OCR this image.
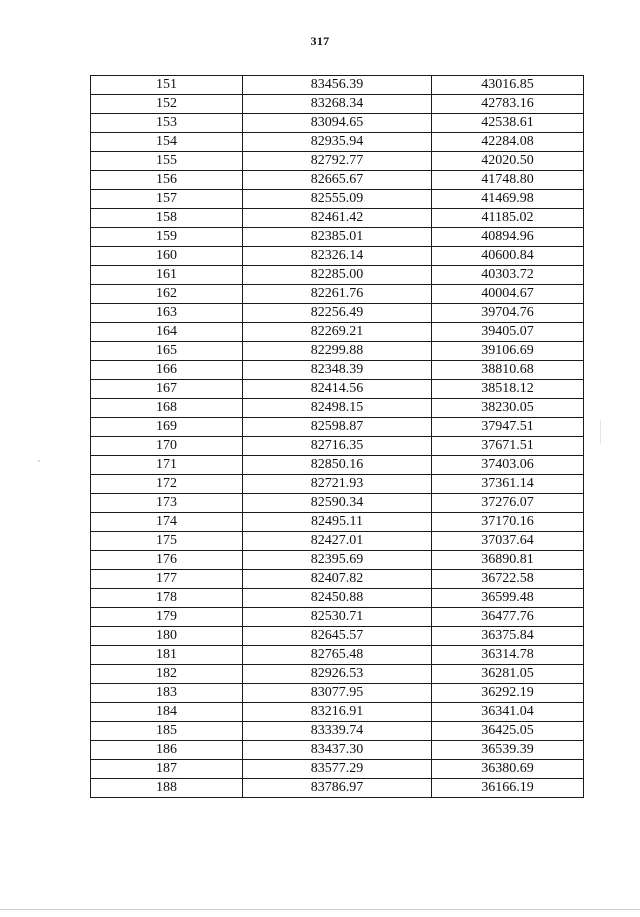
317
151	83456.39	43016.85
152	83268.34	42783.16
153	83094.65	42538.61
154	82935.94	42284.08
155	82792.77	42020.50
156	82665.67	41748.80
157	82555.09	41469.98
158	82461.42	41185.02
159	82385.01	40894.96
160	82326.14	40600.84
161	82285.00	40303.72
162	82261.76	40004.67
163	82256.49	39704.76
164	82269.21	39405.07
165	82299.88	39106.69
166	82348.39	38810.68
167	82414.56	38518.12
168	82498.15	38230.05
169	82598.87	37947.51
170	82716.35	37671.51
171	82850.16	37403.06
172	82721.93	37361.14
173	82590.34	37276.07
174	82495.11	37170.16
175	82427.01	37037.64
176	82395.69	36890.81
177	82407.82	36722.58
178	82450.88	36599.48
179	82530.71	36477.76
180	82645.57	36375.84
181	82765.48	36314.78
182	82926.53	36281.05
183	83077.95	36292.19
184	83216.91	36341.04
185	83339.74	36425.05
186	83437.30	36539.39
187	83577.29	36380.69
188	83786.97	36166.19
